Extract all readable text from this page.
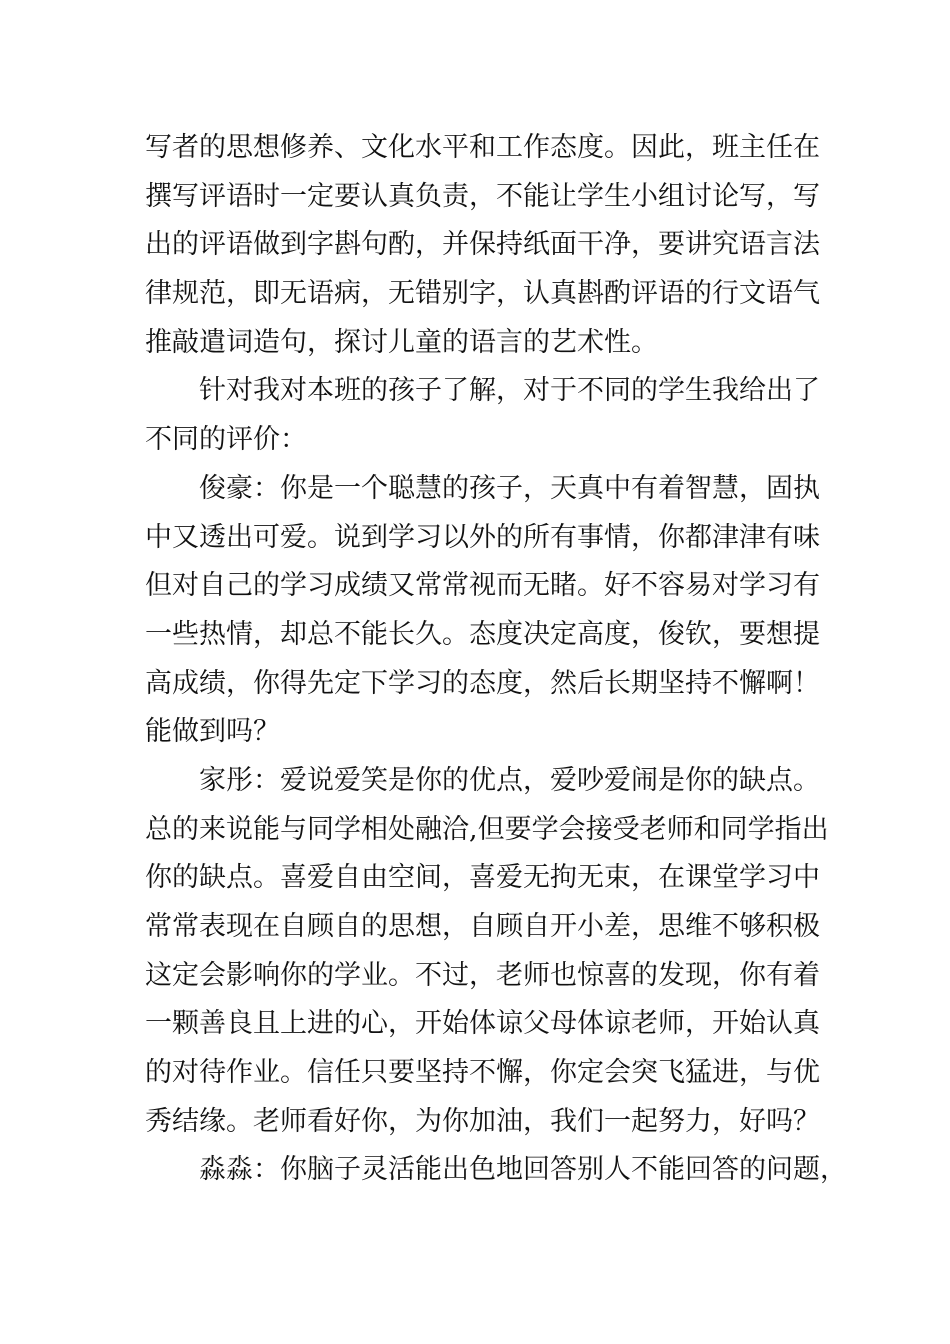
写者的思想修养、文化水平和工作态度。因此，班主任在
撰写评语时一定要认真负责，不能让学生小组讨论写，写
出的评语做到字斟句酌，并保持纸面干净，要讲究语言法
律规范，即无语病，无错别字，认真斟酌评语的行文语气
推敲遣词造句，探讨儿童的语言的艺术性。
针对我对本班的孩子了解，对于不同的学生我给出了
不同的评价：
俊豪：你是一个聪慧的孩子，天真中有着智慧，固执
中又透出可爱。说到学习以外的所有事情，你都津津有味
但对自己的学习成绩又常常视而无睹。好不容易对学习有
一些热情，却总不能长久。态度决定高度，俊钦，要想提
高成绩，你得先定下学习的态度，然后长期坚持不懈啊！
能做到吗？
家彤：爱说爱笑是你的优点，爱吵爱闹是你的缺点。
总的来说能与同学相处融洽,但要学会接受老师和同学指出
你的缺点。喜爱自由空间，喜爱无拘无束，在课堂学习中
常常表现在自顾自的思想，自顾自开小差，思维不够积极
这定会影响你的学业。不过，老师也惊喜的发现，你有着
一颗善良且上进的心，开始体谅父母体谅老师，开始认真
的对待作业。信任只要坚持不懈，你定会突飞猛进，与优
秀结缘。老师看好你，为你加油，我们一起努力，好吗？
淼淼：你脑子灵活能出色地回答别人不能回答的问题，
